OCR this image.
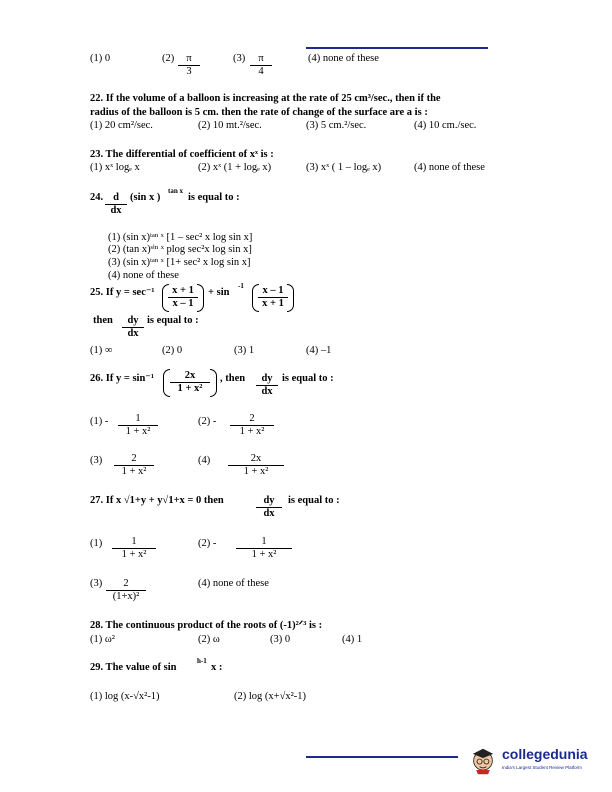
(1) 0	$(2) \frac{\pi}{3}$	$(3) \frac{\pi}{4}$	(4) none of these
22. If the volume of a balloon is increasing at the rate of 25 cm³/sec., then if the
radius of the balloon is 5 cm. then the rate of change of the surface are a is :
(1) 20 cm²/sec.	(2) 10 mt.²/sec.	(3) 5 cm.²/sec.	(4) 10 cm./sec.
23. The differential of coefficient of xˣ is :
(1) xˣ logₑ x	(2) xˣ (1 + logₑ x)	(3) xˣ ( 1 – logₑ x)	(4) none of these
24. $\frac{d}{dx} (\sin$ x )
tan x
is equal to :
(1) (sin x)ᵗᵃⁿ ˣ [1 – sec² x log sin x]
(2) (tan x)ˢⁱⁿ ˣ plog sec²x log sin x]
(3) (sin x)ᵗᵃⁿ ˣ [1+ sec² x log sin x]
(4) none of these
25. If $y = \sec^{-1} \frac{x + 1}{x - 1} + \sin$
$-1 \frac{x - 1}{x + 1}$
then $\frac{dy}{dx}$ is equal to :
(1) ∞	(2) 0	(3) 1	(4) –1
26. If $y = \sin^{-1} \frac{2x}{\text{1 + x²}}$ , then $\frac{dy}{dx}$ is equal to :
$(1) - \frac{1}{\text{1 + x²}}$	$(2) - \frac{2}{\text{1 + x²}}$
$(3) \frac{2}{\text{1 + x²}}$	$(4) \frac{2x}{\text{1 + x²}}$
27. If x √1+y + y√1+x = 0 then	$\frac{dy}{dx}$ is equal to :
$(1) \frac{1}{\text{1 + x²}}$	$(2) - \frac{1}{\text{1 + x²}}$
$(3) \frac{2}{\text{(1+x)²}}$	(4) none of these
28. The continuous product of the roots of (-1)²ᐟ³ is :
(1) ω²	(2) ω	(3) 0	(4) 1
29. The value of sin
h-1
x :
(1) log (x-√x²-1)	(2) log (x+√x²-1)
collegedunia
India's Largest Student Review Platform
